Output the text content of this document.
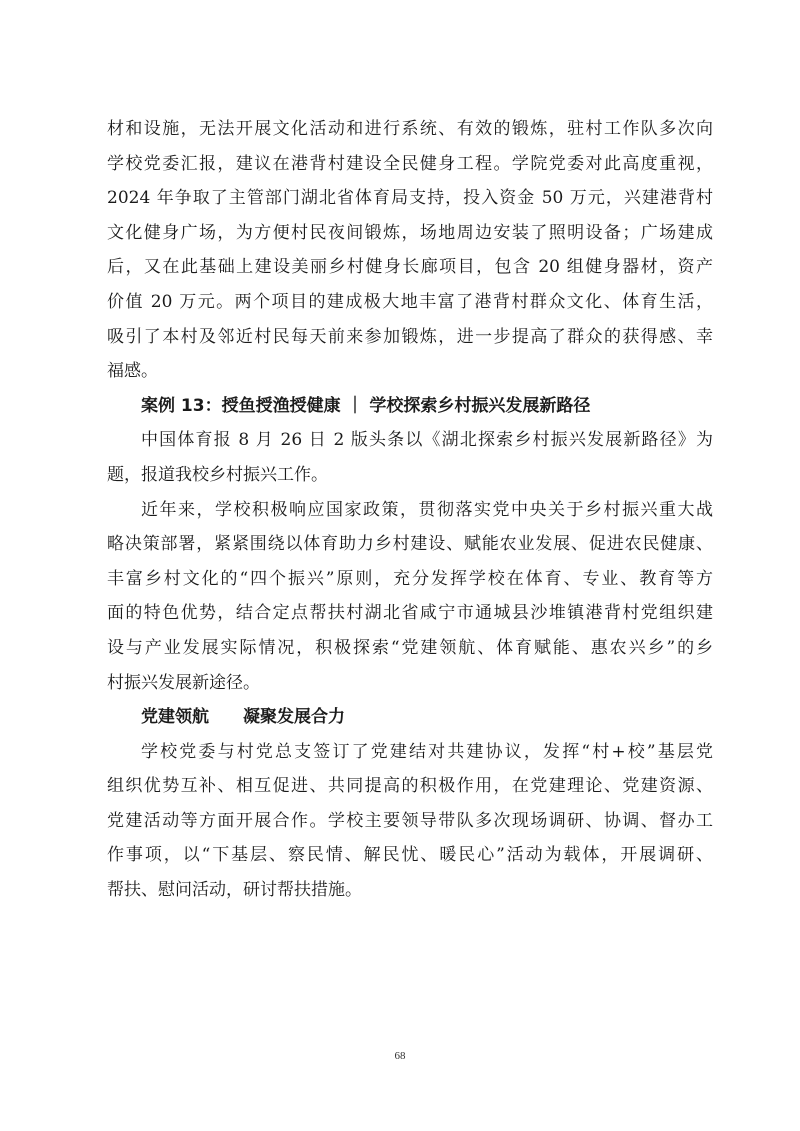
材和设施，无法开展文化活动和进行系统、有效的锻炼，驻村工作队多次向
学校党委汇报，建议在港背村建设全民健身工程。学院党委对此高度重视，
2024 年争取了主管部门湖北省体育局支持，投入资金 50 万元，兴建港背村
文化健身广场，为方便村民夜间锻炼，场地周边安装了照明设备；广场建成
后，又在此基础上建设美丽乡村健身长廊项目，包含 20 组健身器材，资产
价值 20 万元。两个项目的建成极大地丰富了港背村群众文化、体育生活，
吸引了本村及邻近村民每天前来参加锻炼，进一步提高了群众的获得感、幸
福感。
案例 13：授鱼授渔授健康 ｜ 学校探索乡村振兴发展新路径
中国体育报 8 月 26 日 2 版头条以《湖北探索乡村振兴发展新路径》为
题，报道我校乡村振兴工作。
近年来，学校积极响应国家政策，贯彻落实党中央关于乡村振兴重大战
略决策部署，紧紧围绕以体育助力乡村建设、赋能农业发展、促进农民健康、
丰富乡村文化的“四个振兴”原则，充分发挥学校在体育、专业、教育等方
面的特色优势，结合定点帮扶村湖北省咸宁市通城县沙堆镇港背村党组织建
设与产业发展实际情况，积极探索“党建领航、体育赋能、惠农兴乡”的乡
村振兴发展新途径。
党建领航 凝聚发展合力
学校党委与村党总支签订了党建结对共建协议，发挥“村+校”基层党
组织优势互补、相互促进、共同提高的积极作用，在党建理论、党建资源、
党建活动等方面开展合作。学校主要领导带队多次现场调研、协调、督办工
作事项，以“下基层、察民情、解民忧、暖民心”活动为载体，开展调研、
帮扶、慰问活动，研讨帮扶措施。
68
